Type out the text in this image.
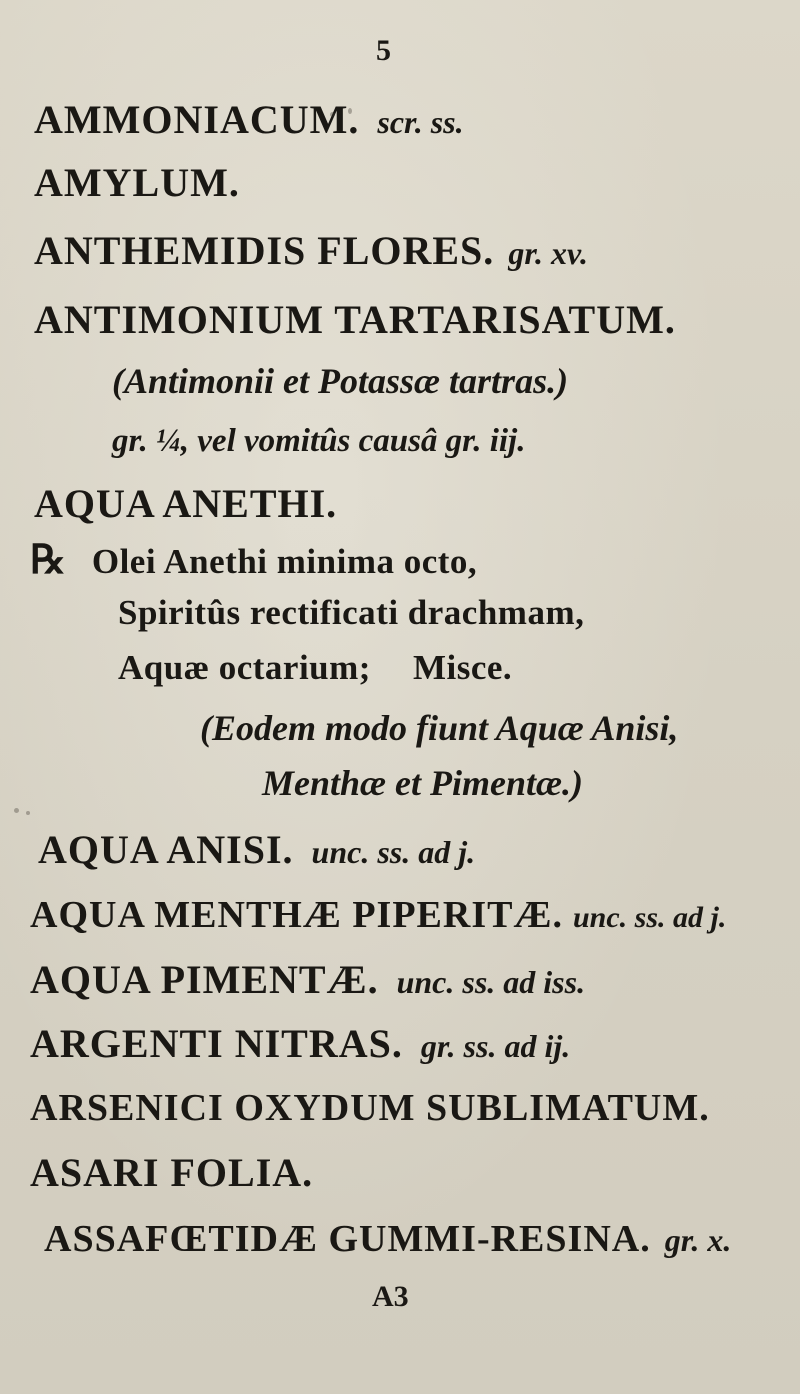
5
AMMONIACUM. scr. ss.
AMYLUM.
ANTHEMIDIS FLORES. gr. xv.
ANTIMONIUM TARTARISATUM.
(Antimonii et Potassæ tartras.)
gr. ¼, vel vomitûs causâ gr. iij.
AQUA ANETHI.
℞ Olei Anethi minima octo,
Spiritûs rectificati drachmam,
Aquæ octarium; Misce.
(Eodem modo fiunt Aquæ Anisi,
Menthæ et Pimentæ.)
AQUA ANISI. unc. ss. ad j.
AQUA MENTHÆ PIPERITÆ. unc. ss. ad j.
AQUA PIMENTÆ. unc. ss. ad iss.
ARGENTI NITRAS. gr. ss. ad ij.
ARSENICI OXYDUM SUBLIMATUM.
ASARI FOLIA.
ASSAFŒTIDÆ GUMMI-RESINA. gr. x.
A3
